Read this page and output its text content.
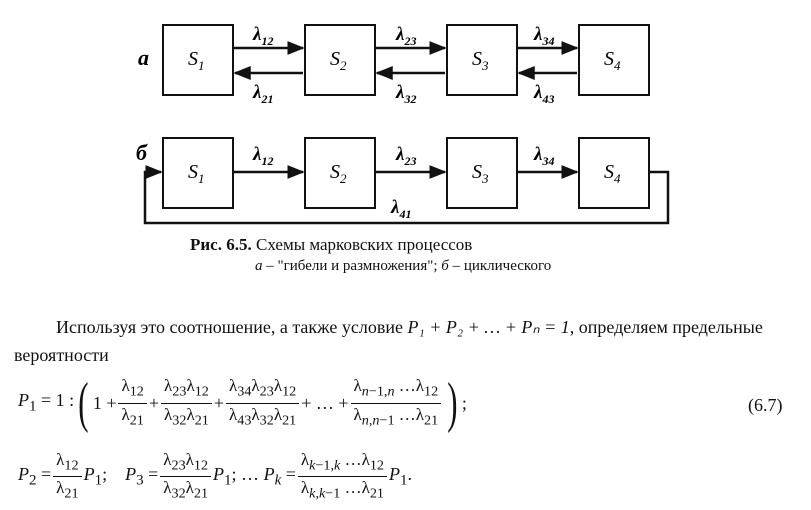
а $S_1$	$S_2$	$S_3$	$S_4$
$\lambda_{12}$
$\lambda_{21}$
$\lambda_{23}$
$\lambda_{32}$
$\lambda_{34}$
$\lambda_{43}$
б
$S_1$	$S_2$	$S_3$	$S_4$
$\lambda_{12}$	$\lambda_{23}$	$\lambda_{34}$
$\lambda_{41}$
Рис. 6.5. Схемы марковских процессов
а – "гибели и размножения"; б – циклического
Используя это соотношение, а также условие P₁ + P₂ + … + Pₙ = 1, определяем предельные вероятности
$P_1 = 1$ : ( $1 + \frac{\lambda_{12}}{\lambda_{21}} + \frac{\lambda_{23}\lambda_{12}}{\lambda_{32}\lambda_{21}} + \frac{\lambda_{34}\lambda_{23}\lambda_{12}}{\lambda_{43}\lambda_{32}\lambda_{21}}$ + … + $\frac{\lambda_{n-1,n} \dots\lambda_{12}}{\lambda_{n,n-1} \dots\lambda_{21}}$ ) ;	(6.7)
$P_2 = \frac{\lambda_{12}}{\lambda_{21}} P_1$;    $P_3 = \frac{\lambda_{23}\lambda_{12}}{\lambda_{32}\lambda_{21}} P_1$; … $P_k = \frac{\lambda_{k-1,k} \dots\lambda_{12}}{\lambda_{k,k-1} \dots\lambda_{21}} P_1$.
